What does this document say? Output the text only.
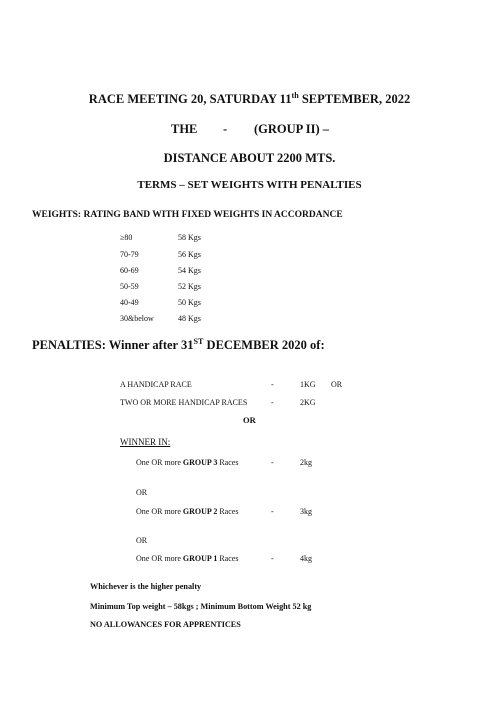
RACE MEETING 20, SATURDAY 11th SEPTEMBER, 2022
THE - (GROUP II) –
DISTANCE ABOUT 2200 MTS.
TERMS – SET WEIGHTS WITH PENALTIES
WEIGHTS: RATING BAND WITH FIXED WEIGHTS IN ACCORDANCE
≥80	58 Kgs
70-79	56 Kgs
60-69	54 Kgs
50-59	52 Kgs
40-49	50 Kgs
30&below	48 Kgs
PENALTIES: Winner after 31ST DECEMBER 2020 of:
A HANDICAP RACE	-	1KG OR
TWO OR MORE HANDICAP RACES	-	2KG
OR
WINNER IN:
One OR more GROUP 3 Races	-	2kg
OR
One OR more GROUP 2 Races	-	3kg
OR
One OR more GROUP 1 Races	-	4kg
Whichever is the higher penalty
Minimum Top weight – 58kgs ; Minimum Bottom Weight 52 kg
NO ALLOWANCES FOR APPRENTICES
